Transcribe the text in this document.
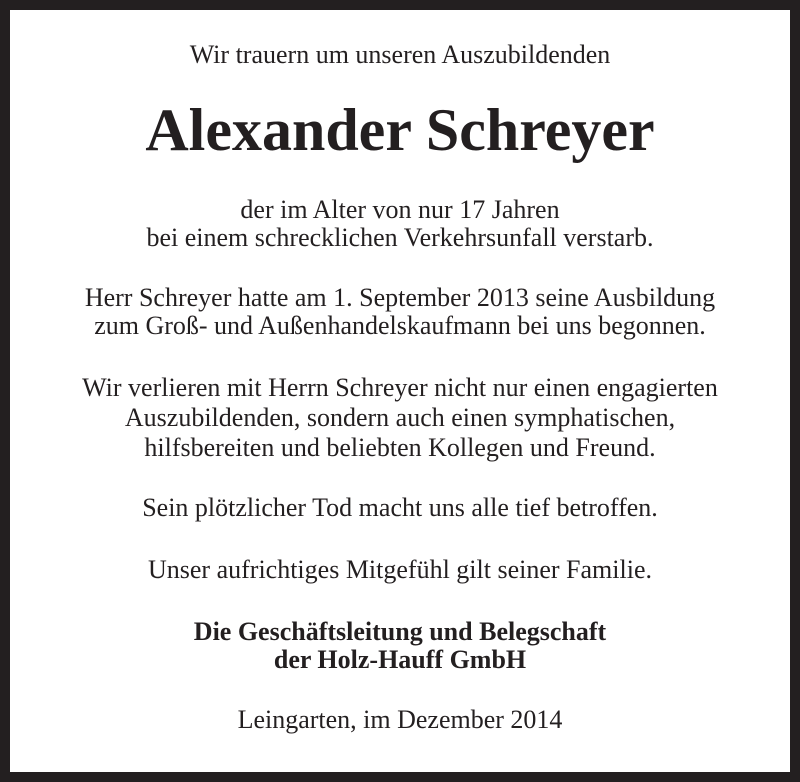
Wir trauern um unseren Auszubildenden
Alexander Schreyer
der im Alter von nur 17 Jahren
bei einem schrecklichen Verkehrsunfall verstarb.
Herr Schreyer hatte am 1. September 2013 seine Ausbildung
zum Groß- und Außenhandelskaufmann bei uns begonnen.
Wir verlieren mit Herrn Schreyer nicht nur einen engagierten
Auszubildenden, sondern auch einen symphatischen,
hilfsbereiten und beliebten Kollegen und Freund.
Sein plötzlicher Tod macht uns alle tief betroffen.
Unser aufrichtiges Mitgefühl gilt seiner Familie.
Die Geschäftsleitung und Belegschaft
der Holz-Hauff GmbH
Leingarten, im Dezember 2014
